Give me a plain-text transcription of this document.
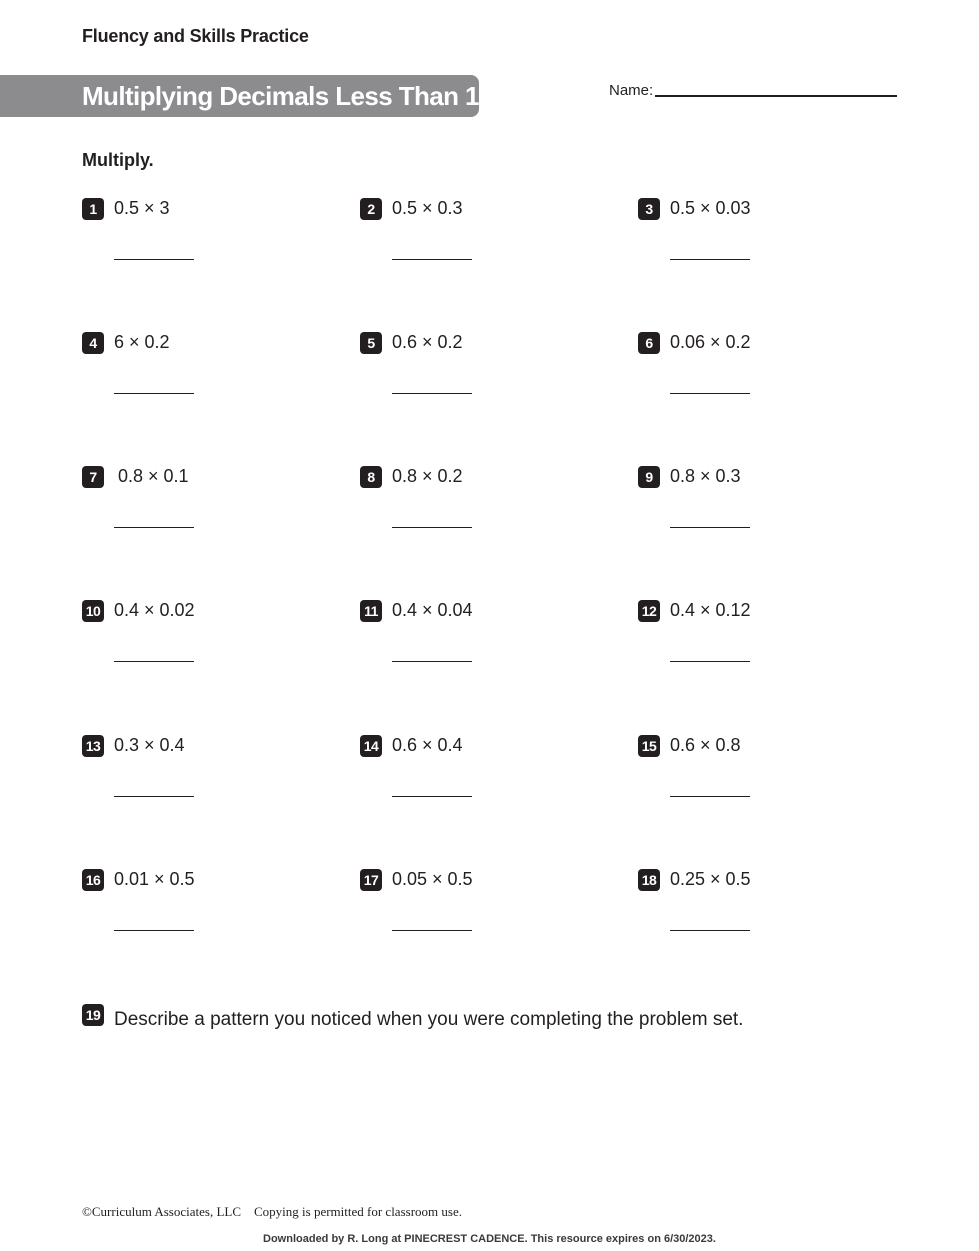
Fluency and Skills Practice
Multiplying Decimals Less Than 1	Name:
Multiply.
1 0.5 × 3	2 0.5 × 0.3	3 0.5 × 0.03
4 6 × 0.2	5 0.6 × 0.2	6 0.06 × 0.2
7	0.8 × 0.1	8 0.8 × 0.2	9 0.8 × 0.3
10 0.4 × 0.02	11 0.4 × 0.04	12 0.4 × 0.12
13 0.3 × 0.4	14 0.6 × 0.4	15 0.6 × 0.8
16 0.01 × 0.5	17 0.05 × 0.5	18 0.25 × 0.5
19 Describe a pattern you noticed when you were completing the problem set.
©Curriculum Associates, LLC    Copying is permitted for classroom use.
Downloaded by R. Long at PINECREST CADENCE. This resource expires on 6/30/2023.
